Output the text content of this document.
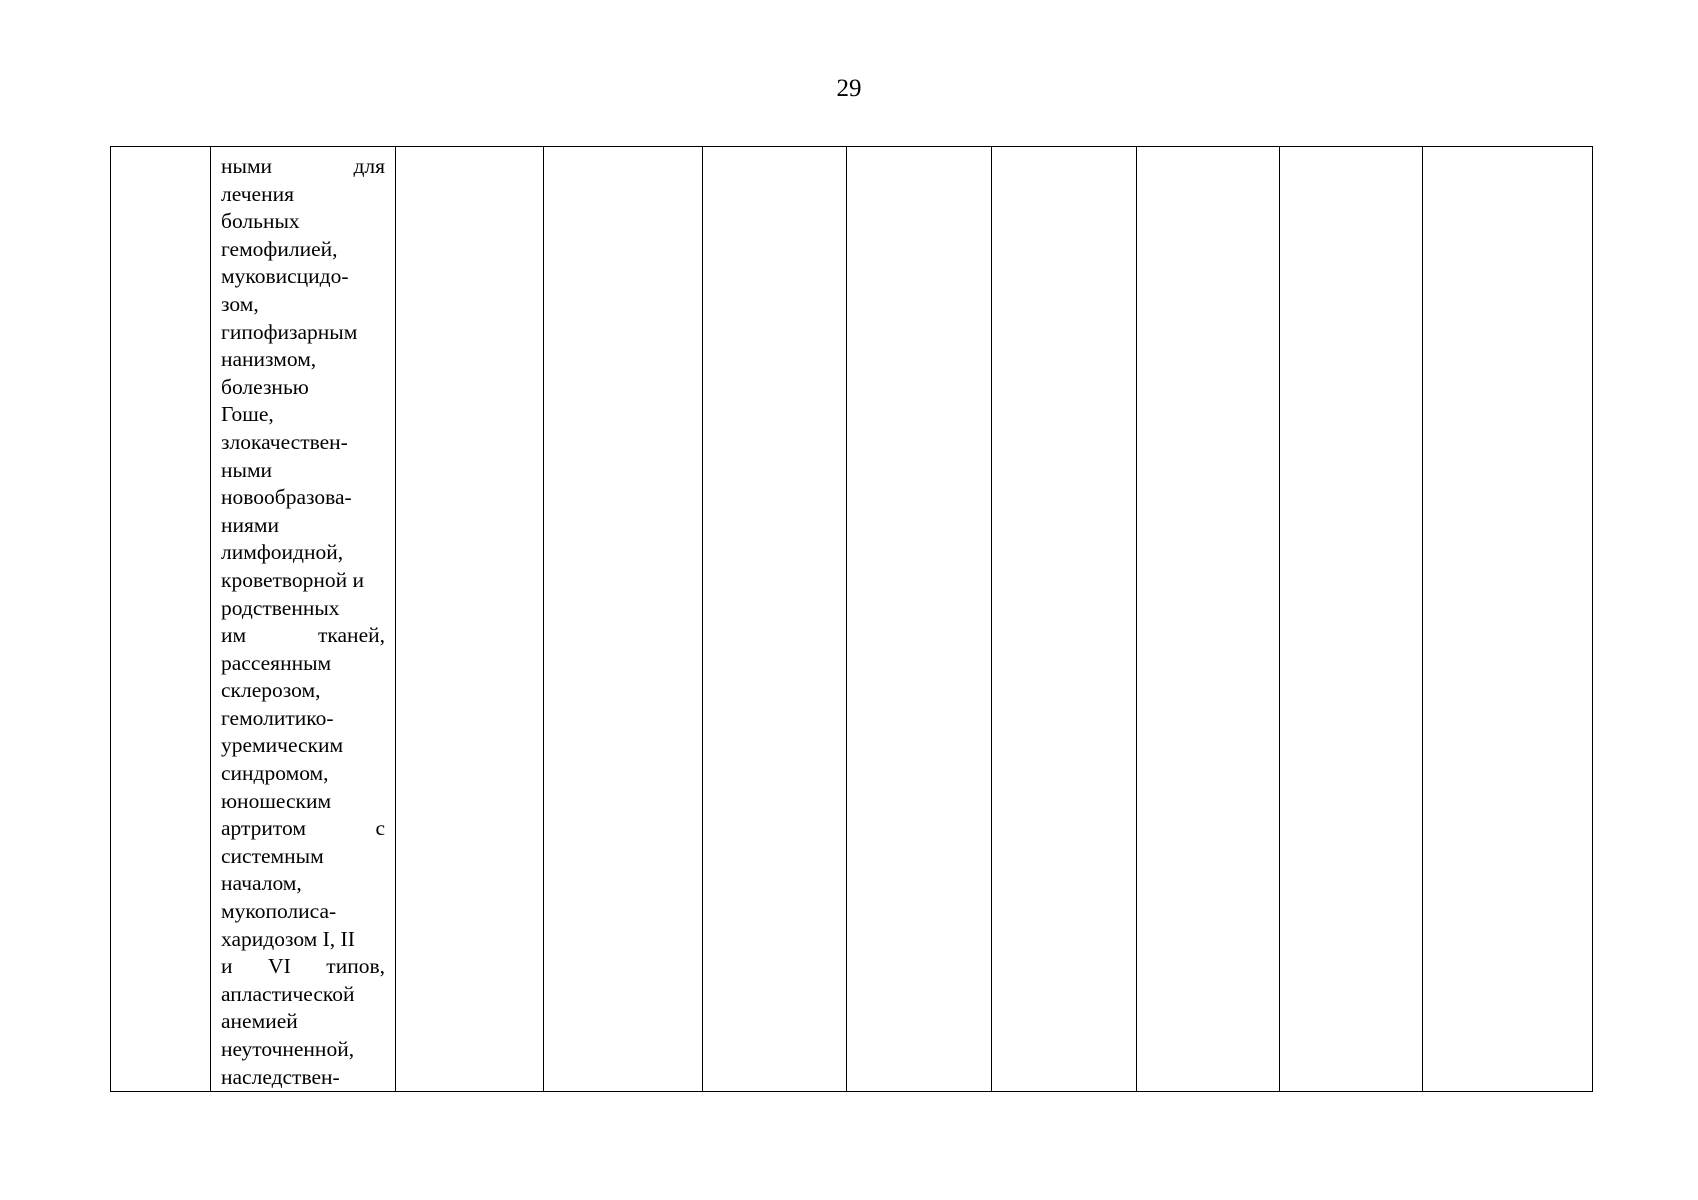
29

ными для
лечения
больных
гемофилией,
муковисцидо-
зом,
гипофизарным
нанизмом,
болезнью
Гоше,
злокачествен-
ными
новообразова-
ниями
лимфоидной,
кроветворной и
родственных
им тканей,
рассеянным
склерозом,
гемолитико-
уремическим
синдромом,
юношеским
артритом с
системным
началом,
мукополиса-
харидозом I, II
и VI типов,
апластической
анемией
неуточненной,
наследствен-
